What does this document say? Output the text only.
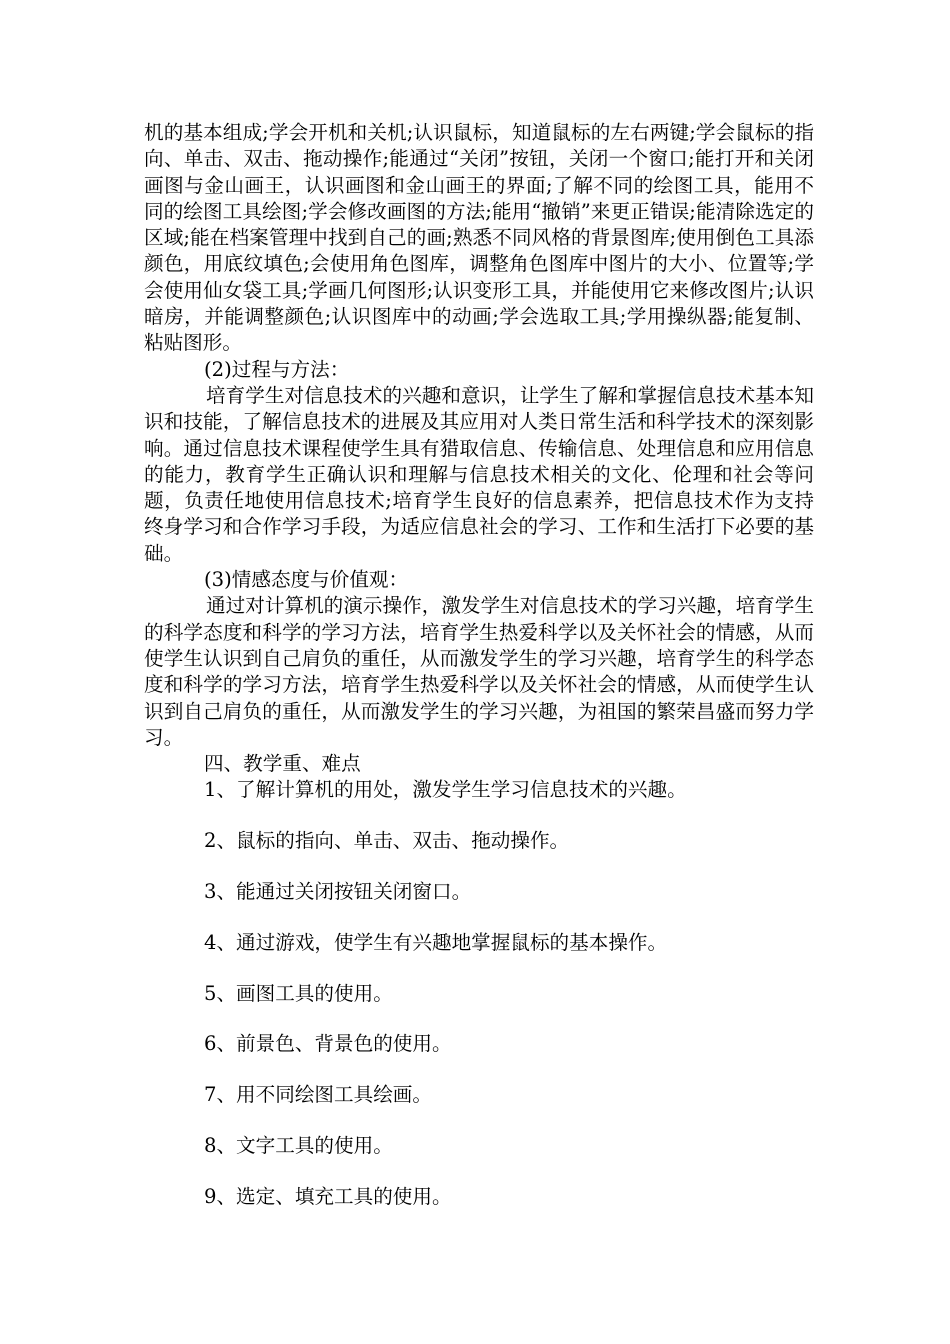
机的基本组成;学会开机和关机;认识鼠标，知道鼠标的左右两键;学会鼠标的指向、单击、双击、拖动操作;能通过“关闭”按钮，关闭一个窗口;能打开和关闭画图与金山画王，认识画图和金山画王的界面;了解不同的绘图工具，能用不同的绘图工具绘图;学会修改画图的方法;能用“撤销”来更正错误;能清除选定的区域;能在档案管理中找到自己的画;熟悉不同风格的背景图库;使用倒色工具添颜色，用底纹填色;会使用角色图库，调整角色图库中图片的大小、位置等;学会使用仙女袋工具;学画几何图形;认识变形工具，并能使用它来修改图片;认识暗房，并能调整颜色;认识图库中的动画;学会选取工具;学用操纵器;能复制、粘贴图形。

(2)过程与方法：

培育学生对信息技术的兴趣和意识，让学生了解和掌握信息技术基本知识和技能，了解信息技术的进展及其应用对人类日常生活和科学技术的深刻影响。通过信息技术课程使学生具有猎取信息、传输信息、处理信息和应用信息的能力，教育学生正确认识和理解与信息技术相关的文化、伦理和社会等问题，负责任地使用信息技术;培育学生良好的信息素养，把信息技术作为支持终身学习和合作学习手段，为适应信息社会的学习、工作和生活打下必要的基础。

(3)情感态度与价值观：

通过对计算机的演示操作，激发学生对信息技术的学习兴趣，培育学生的科学态度和科学的学习方法，培育学生热爱科学以及关怀社会的情感，从而使学生认识到自己肩负的重任，从而激发学生的学习兴趣，培育学生的科学态度和科学的学习方法，培育学生热爱科学以及关怀社会的情感，从而使学生认识到自己肩负的重任，从而激发学生的学习兴趣，为祖国的繁荣昌盛而努力学习。

四、教学重、难点

1、了解计算机的用处，激发学生学习信息技术的兴趣。
2、鼠标的指向、单击、双击、拖动操作。
3、能通过关闭按钮关闭窗口。
4、通过游戏，使学生有兴趣地掌握鼠标的基本操作。
5、画图工具的使用。
6、前景色、背景色的使用。
7、用不同绘图工具绘画。
8、文字工具的使用。
9、选定、填充工具的使用。
